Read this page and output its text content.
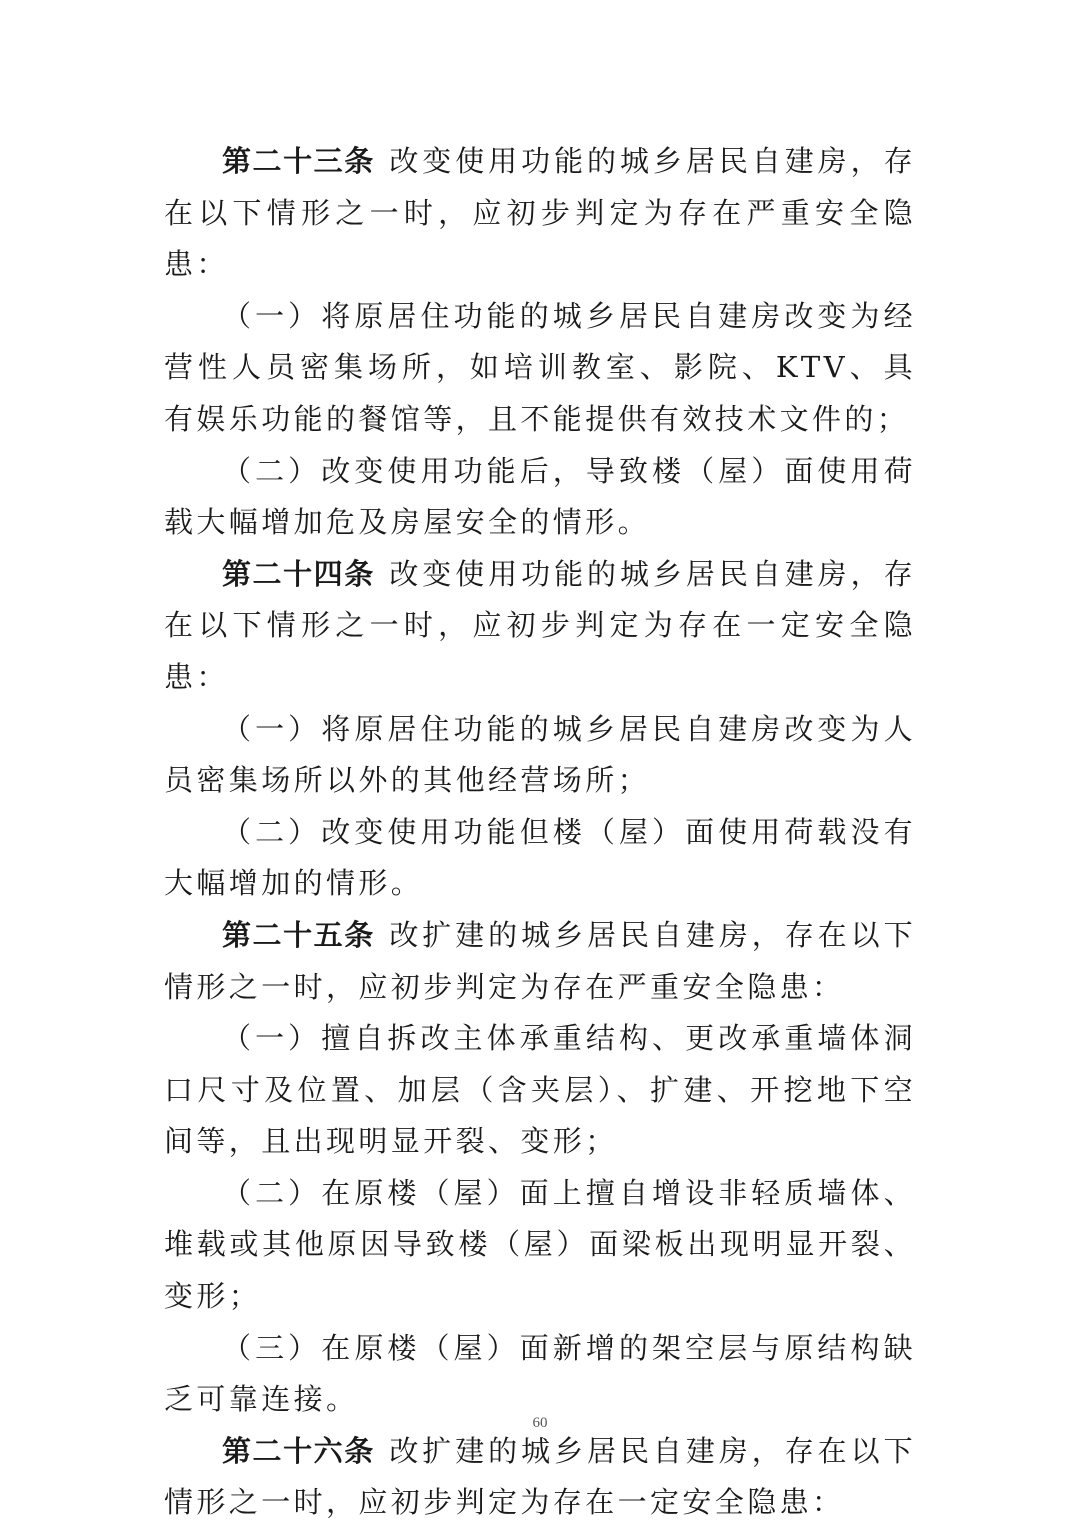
第二十三条 改变使用功能的城乡居民自建房，存在以下情形之一时，应初步判定为存在严重安全隐患：

（一）将原居住功能的城乡居民自建房改变为经营性人员密集场所，如培训教室、影院、KTV、具有娱乐功能的餐馆等，且不能提供有效技术文件的；

（二）改变使用功能后，导致楼（屋）面使用荷载大幅增加危及房屋安全的情形。

第二十四条 改变使用功能的城乡居民自建房，存在以下情形之一时，应初步判定为存在一定安全隐患：

（一）将原居住功能的城乡居民自建房改变为人员密集场所以外的其他经营场所；

（二）改变使用功能但楼（屋）面使用荷载没有大幅增加的情形。

第二十五条 改扩建的城乡居民自建房，存在以下情形之一时，应初步判定为存在严重安全隐患：

（一）擅自拆改主体承重结构、更改承重墙体洞口尺寸及位置、加层（含夹层）、扩建、开挖地下空间等，且出现明显开裂、变形；

（二）在原楼（屋）面上擅自增设非轻质墙体、堆载或其他原因导致楼（屋）面梁板出现明显开裂、变形；

（三）在原楼（屋）面新增的架空层与原结构缺乏可靠连接。

第二十六条 改扩建的城乡居民自建房，存在以下情形之一时，应初步判定为存在一定安全隐患：

60
